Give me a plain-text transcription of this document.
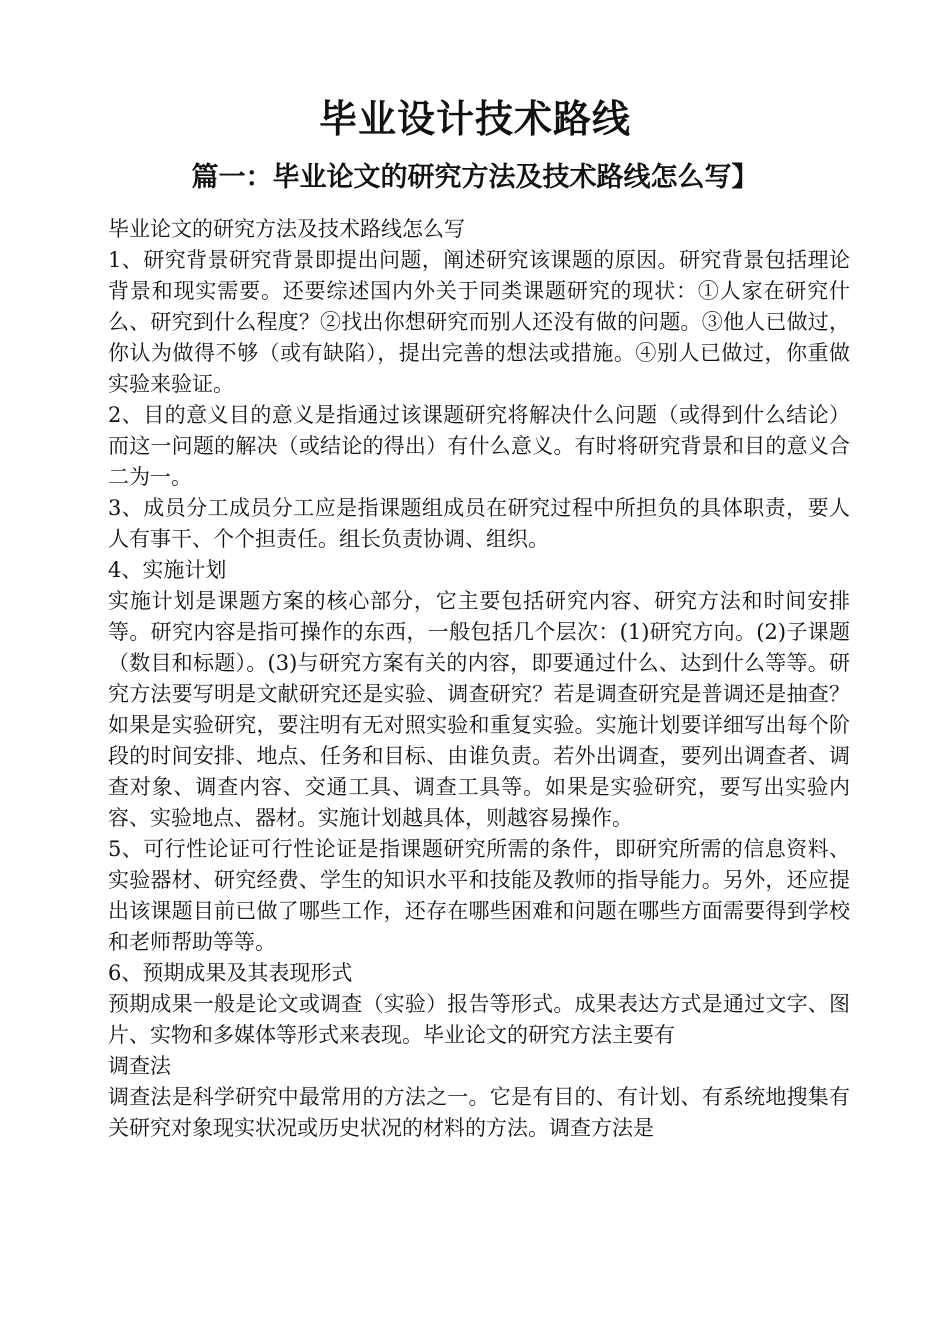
毕业设计技术路线
篇一：毕业论文的研究方法及技术路线怎么写】

毕业论文的研究方法及技术路线怎么写

1、研究背景研究背景即提出问题，阐述研究该课题的原因。研究背景包括理论背景和现实需要。还要综述国内外关于同类课题研究的现状：①人家在研究什么、研究到什么程度？②找出你想研究而别人还没有做的问题。③他人已做过，你认为做得不够（或有缺陷），提出完善的想法或措施。④别人已做过，你重做实验来验证。

2、目的意义目的意义是指通过该课题研究将解决什么问题（或得到什么结论）而这一问题的解决（或结论的得出）有什么意义。有时将研究背景和目的意义合二为一。

3、成员分工成员分工应是指课题组成员在研究过程中所担负的具体职责，要人人有事干、个个担责任。组长负责协调、组织。

4、实施计划

实施计划是课题方案的核心部分，它主要包括研究内容、研究方法和时间安排等。研究内容是指可操作的东西，一般包括几个层次：(1)研究方向。(2)子课题（数目和标题）。(3)与研究方案有关的内容，即要通过什么、达到什么等等。研究方法要写明是文献研究还是实验、调查研究？若是调查研究是普调还是抽查？如果是实验研究，要注明有无对照实验和重复实验。实施计划要详细写出每个阶段的时间安排、地点、任务和目标、由谁负责。若外出调查，要列出调查者、调查对象、调查内容、交通工具、调查工具等。如果是实验研究，要写出实验内容、实验地点、器材。实施计划越具体，则越容易操作。

5、可行性论证可行性论证是指课题研究所需的条件，即研究所需的信息资料、实验器材、研究经费、学生的知识水平和技能及教师的指导能力。另外，还应提出该课题目前已做了哪些工作，还存在哪些困难和问题在哪些方面需要得到学校和老师帮助等等。

6、预期成果及其表现形式

预期成果一般是论文或调查（实验）报告等形式。成果表达方式是通过文字、图片、实物和多媒体等形式来表现。毕业论文的研究方法主要有

调查法

调查法是科学研究中最常用的方法之一。它是有目的、有计划、有系统地搜集有关研究对象现实状况或历史状况的材料的方法。调查方法是
